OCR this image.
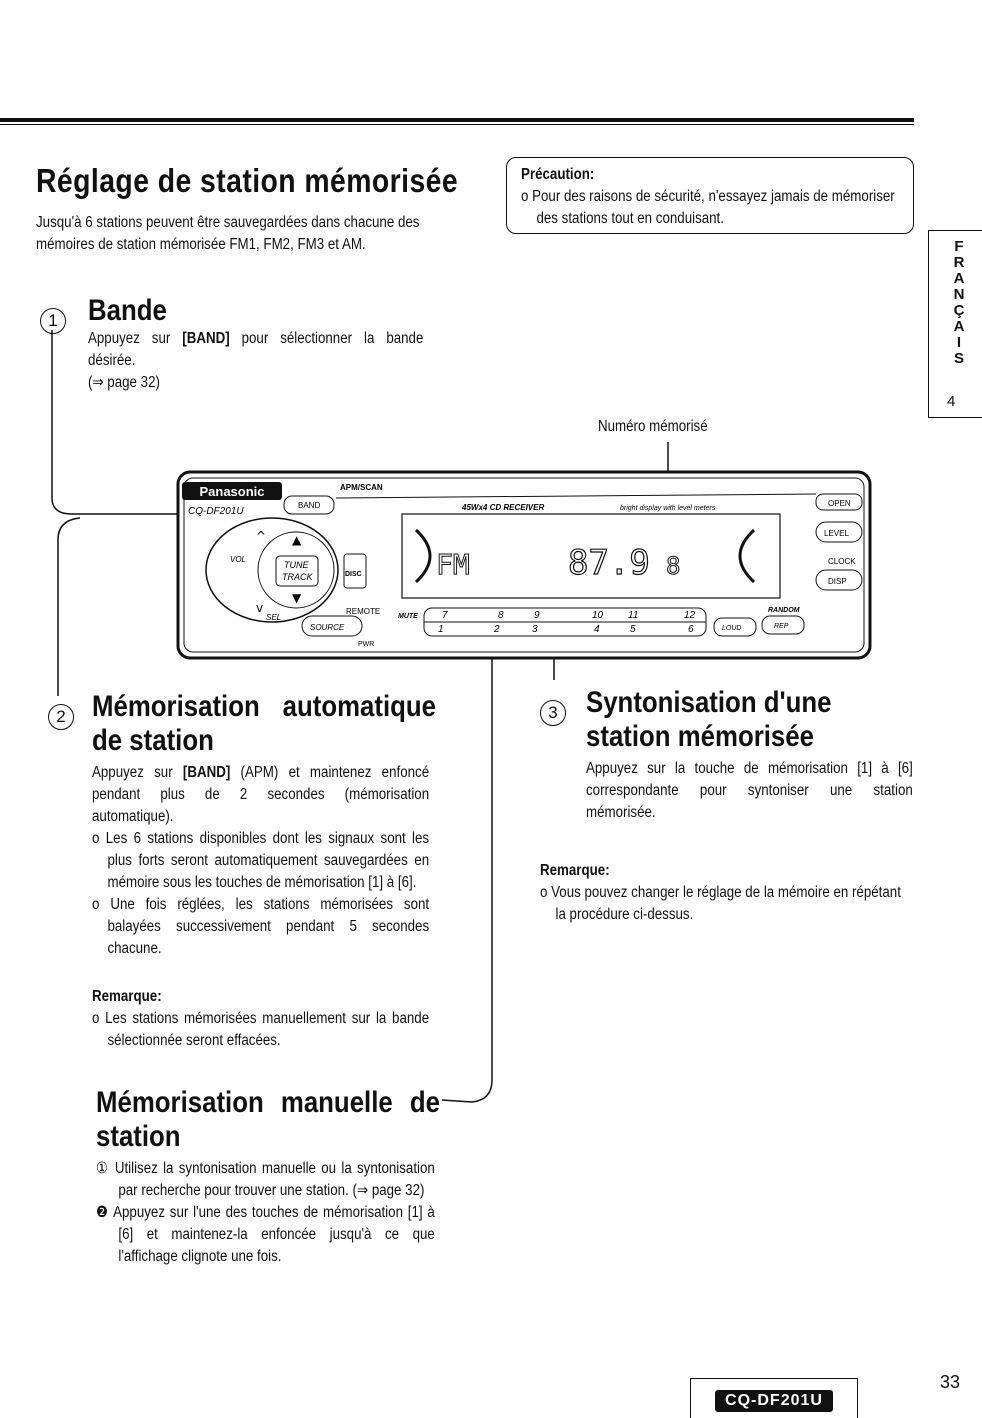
Réglage de station mémorisée
Jusqu'à 6 stations peuvent être sauvegardées dans chacune des mémoires de station mémorisée FM1, FM2, FM3 et AM.
Précaution:
o Pour des raisons de sécurité, n'essayez jamais de mémoriser des stations tout en conduisant.
F
R
A
N
Ç
A
I
S
4
1 Bande
Appuyez sur [BAND] pour sélectionner la bande désirée.
(⇒ page 32)
Numéro mémorisé
Panasonic
CQ-DF201U
APM/SCAN
BAND	45Wx4 CD RECEIVER	bright display with level meters
OPEN
LEVEL
CLOCK
DISP
TUNE
TRACK
VOL
▲
▼
^
v
SEL
SOURCE
PWR
DISC	FM	87.9 8
REMOTE
MUTE 7	8	9	10 11	12
1	2	3	4	5	6
RANDOM
LOUD	REP
2 Mémorisation automatique de station
Appuyez sur [BAND] (APM) et maintenez enfoncé pendant plus de 2 secondes (mémorisation automatique).
o Les 6 stations disponibles dont les signaux sont les plus forts seront automatiquement sauvegardées en mémoire sous les touches de mémorisation [1] à [6].
o Une fois réglées, les stations mémorisées sont balayées successivement pendant 5 secondes chacune.
Remarque:
o Les stations mémorisées manuellement sur la bande sélectionnée seront effacées.
3 Syntonisation d'une station mémorisée
Appuyez sur la touche de mémorisation [1] à [6] correspondante pour syntoniser une station mémorisée.
Remarque:
o Vous pouvez changer le réglage de la mémoire en répétant la procédure ci-dessus.
Mémorisation manuelle de station
① Utilisez la syntonisation manuelle ou la syntonisation par recherche pour trouver une station. (⇒ page 32)
❷ Appuyez sur l'une des touches de mémorisation [1] à [6] et maintenez-la enfoncée jusqu'à ce que l'affichage clignote une fois.
CQ-DF201U
33
